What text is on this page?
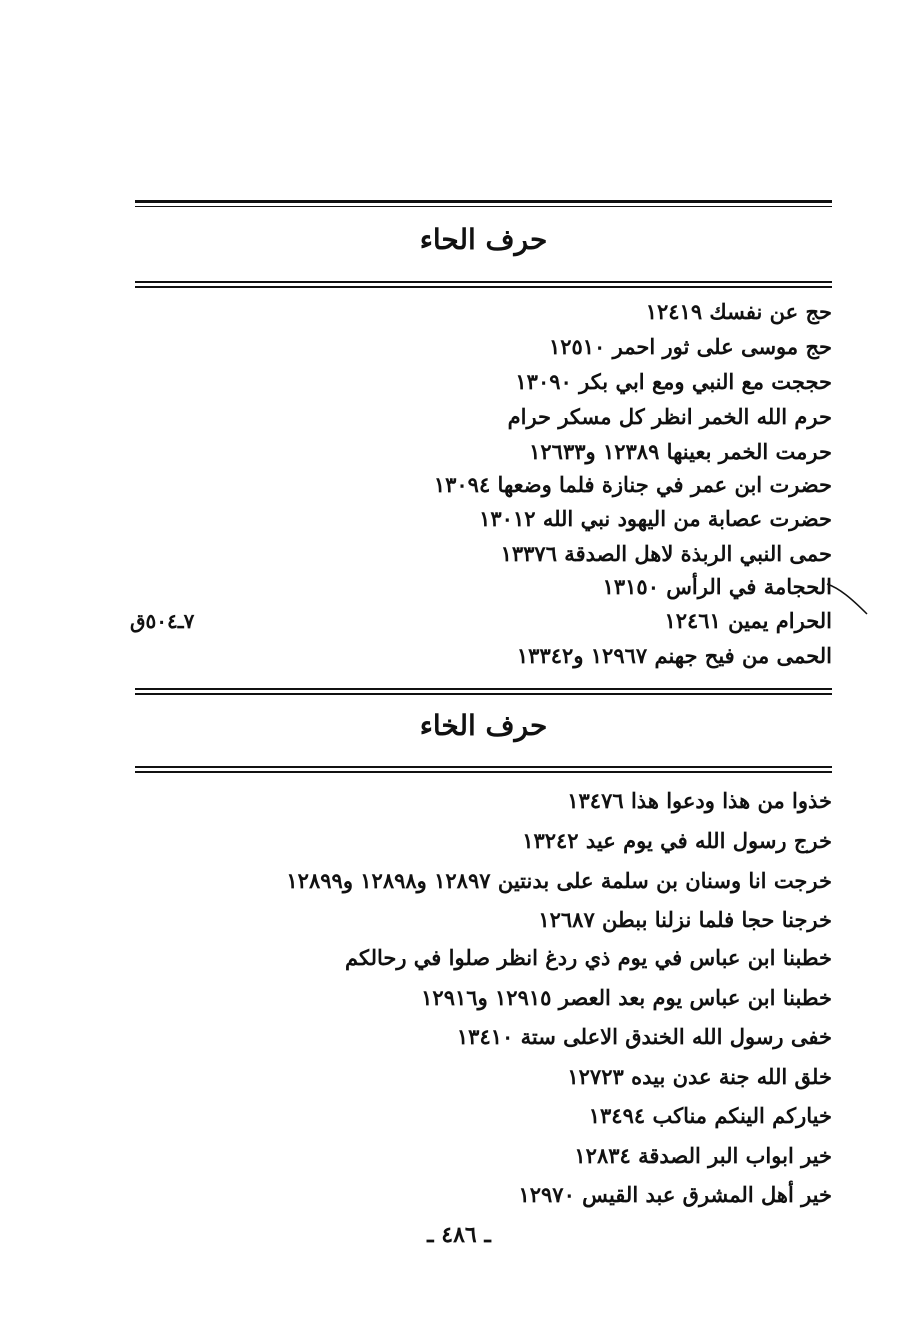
حرف الحاء
حج عن نفسك ١٢٤١٩
حج موسى على ثور احمر ١٢٥١٠
حججت مع النبي ومع ابي بكر ١٣٠٩٠
حرم الله الخمر انظر كل مسكر حرام
حرمت الخمر بعينها ١٢٣٨٩ و١٢٦٣٣
حضرت ابن عمر في جنازة فلما وضعها ١٣٠٩٤
حضرت عصابة من اليهود نبي الله ١٣٠١٢
حمى النبي الربذة لاهل الصدقة ١٣٣٧٦
الحجامة في الرأس ١٣١٥٠
الحرام يمين ١٢٤٦١
الحمى من فيح جهنم ١٢٩٦٧ و١٣٣٤٢
٧ـ٥٠٤ق
حرف الخاء
خذوا من هذا ودعوا هذا ١٣٤٧٦
خرج رسول الله في يوم عيد ١٣٢٤٢
خرجت انا وسنان بن سلمة على بدنتين ١٢٨٩٧ و١٢٨٩٨ و١٢٨٩٩
خرجنا حجا فلما نزلنا ببطن ١٢٦٨٧
خطبنا ابن عباس في يوم ذي ردغ انظر صلوا في رحالكم
خطبنا ابن عباس يوم بعد العصر ١٢٩١٥ و١٢٩١٦
خفى رسول الله الخندق الاعلى ستة ١٣٤١٠
خلق الله جنة عدن بيده ١٢٧٢٣
خياركم الينكم مناكب ١٣٤٩٤
خير ابواب البر الصدقة ١٢٨٣٤
خير أهل المشرق عبد القيس ١٢٩٧٠
ـ ٤٨٦ ـ
